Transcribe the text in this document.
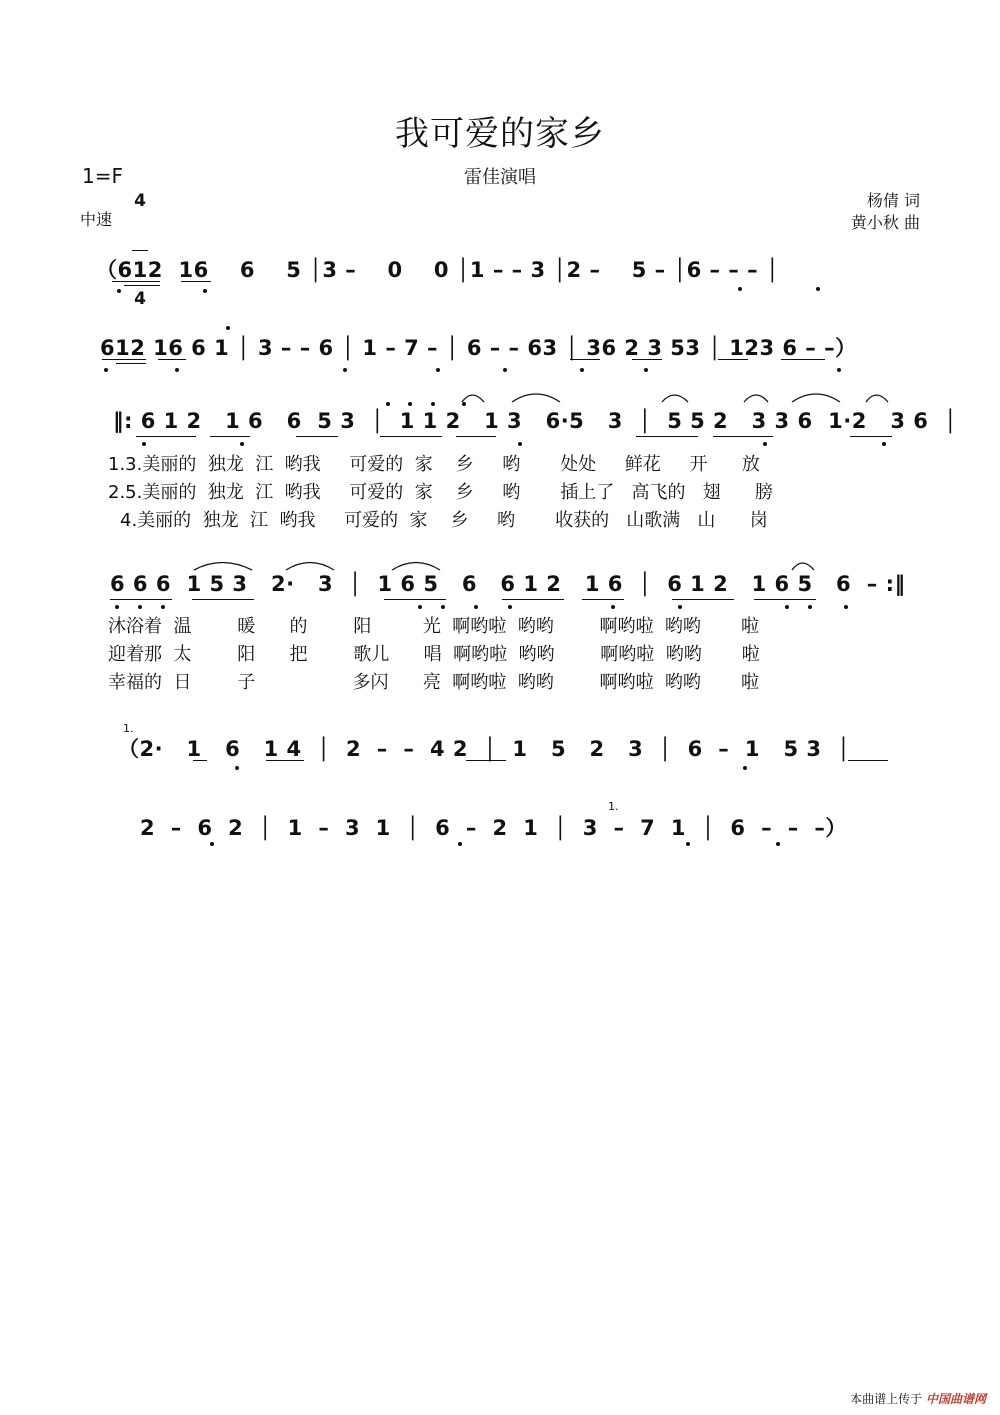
我可爱的家乡
雷佳演唱
1=F

4

4

中速
杨倩 词
黄小秋 曲
（612  16    6    5 │3 –    0    0 │1 – – 3 │2 –    5 – │6 – – – │
612 16 6 1 │ 3 – – 6 │ 1 – 7 – │ 6 – – 63 │ 36 2 3 53 │ 123 6 – –）
‖: 6 1 2   1 6   6  5 3  │  1 1 2   1 3   6·5   3  │  5 5 2   3 3 6  1·2   3 6  │
1.3.美丽的  独龙  江  哟我     可爱的  家    乡     哟       处处     鲜花     开      放
2.5.美丽的  独龙  江  哟我     可爱的  家    乡     哟       插上了   高飞的   翅      膀
4.美丽的  独龙  江  哟我     可爱的  家    乡     哟       收获的   山歌满   山      岗
6 6 6  1 5 3   2·   3  │  1 6 5   6   6 1 2   1 6  │  6 1 2   1 6 5   6  – :‖
沐浴着  温        暖      的        阳         光  啊哟啦  哟哟        啊哟啦  哟哟       啦
迎着那  太        阳      把        歌儿      唱  啊哟啦  哟哟        啊哟啦  哟哟       啦
幸福的  日        子                 多闪      亮  啊哟啦  哟哟        啊哟啦  哟哟       啦
1.
（2·   1   6   1 4  │  2  –  –  4 2  │  1   5   2   3  │  6  –  1   5 3  │
1.
2  –  6  2  │  1  –  3  1  │  6  –  2  1  │  3  –  7  1  │  6  –  –  –）
本曲谱上传于 中国曲谱网
